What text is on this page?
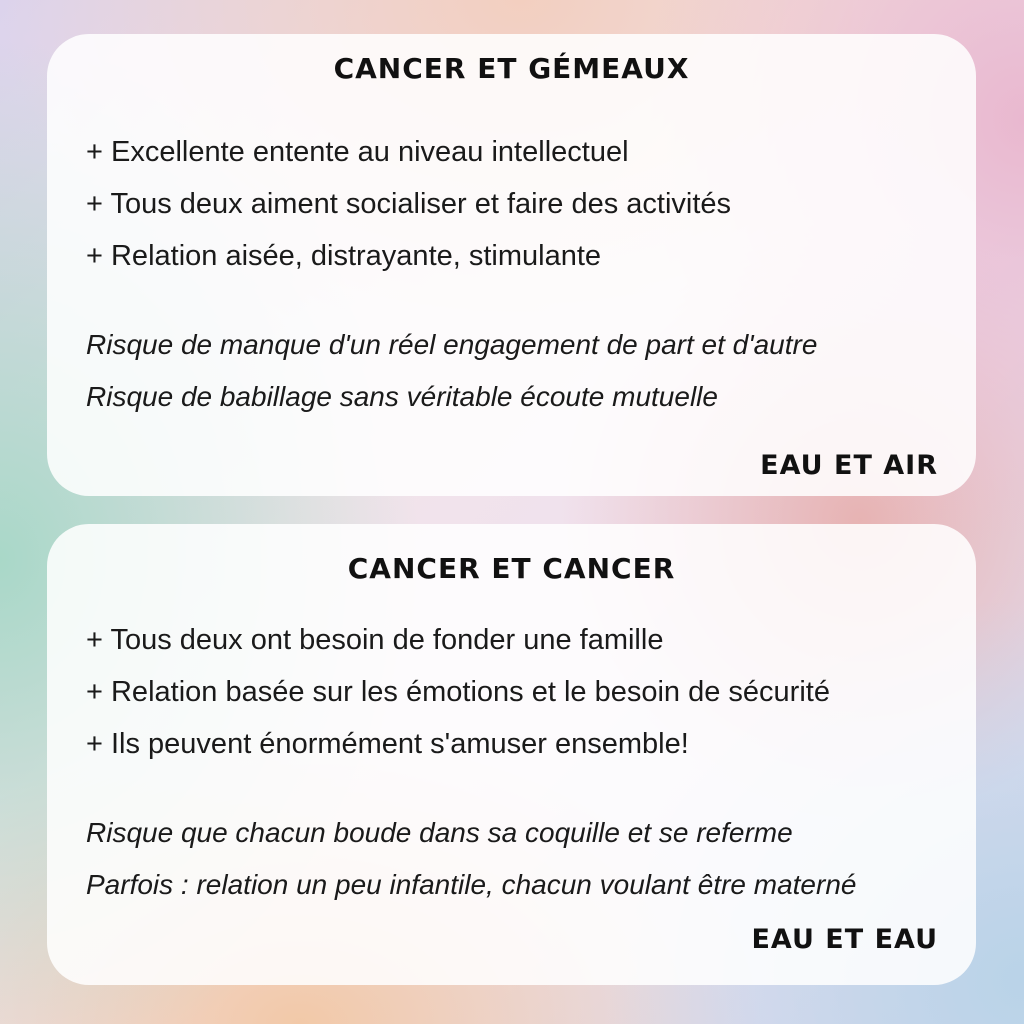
CANCER ET GÉMEAUX
+ Excellente entente au niveau intellectuel
+ Tous deux aiment socialiser et faire des activités
+ Relation aisée, distrayante, stimulante
Risque de manque d'un réel engagement de part et d'autre
Risque de babillage sans véritable écoute mutuelle
EAU ET AIR
CANCER ET CANCER
+ Tous deux ont besoin de fonder une famille
+ Relation basée sur les émotions et le besoin de sécurité
+ Ils peuvent énormément s'amuser ensemble!
Risque que chacun boude dans sa coquille et se referme
Parfois : relation un peu infantile, chacun voulant être materné
EAU ET EAU
